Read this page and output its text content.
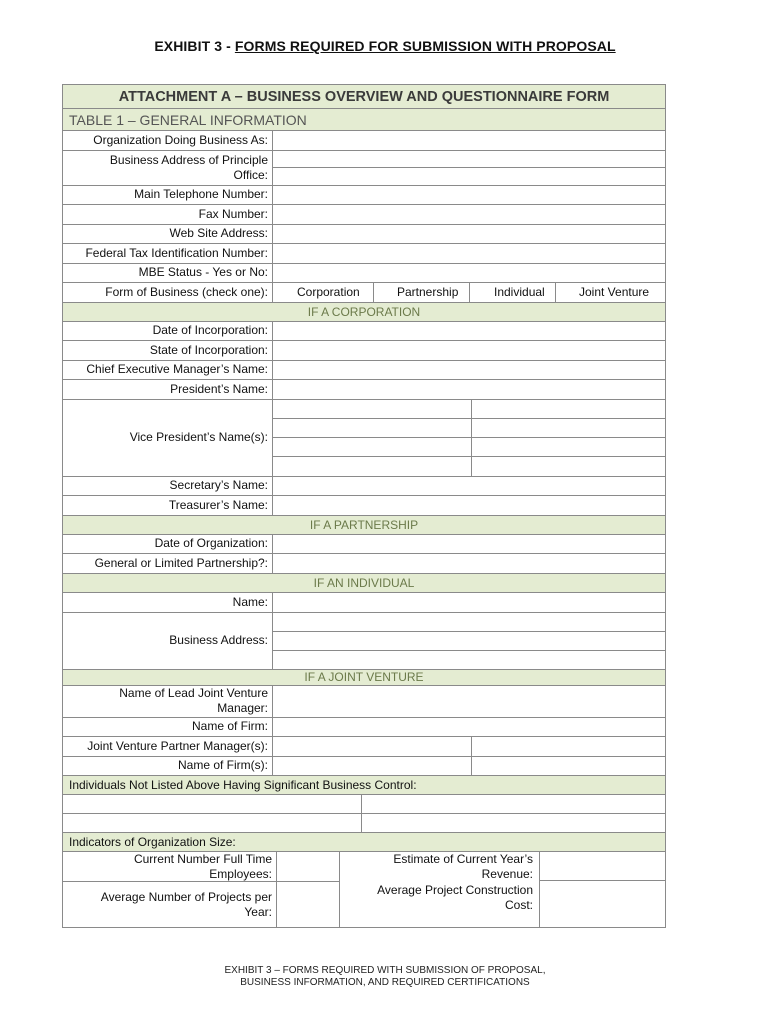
EXHIBIT 3 - FORMS REQUIRED FOR SUBMISSION WITH PROPOSAL
ATTACHMENT A – BUSINESS OVERVIEW AND QUESTIONNAIRE FORM
TABLE 1 – GENERAL INFORMATION
Organization Doing Business As:
Business Address of Principle
Office:
Main Telephone Number:
Fax Number:
Web Site Address:
Federal Tax Identification Number:
MBE Status - Yes or No:
Form of Business (check one): Corporation	Partnership	Individual	Joint Venture
IF A CORPORATION
Date of Incorporation:
State of Incorporation:
Chief Executive Manager’s Name:
President’s Name:
Vice President’s Name(s):
Secretary’s Name:
Treasurer’s Name:
IF A PARTNERSHIP
Date of Organization:
General or Limited Partnership?:
IF AN INDIVIDUAL
Name:
Business Address:
IF A JOINT VENTURE
Name of Lead Joint Venture
Manager:
Name of Firm:
Joint Venture Partner Manager(s):
Name of Firm(s):
Individuals Not Listed Above Having Significant Business Control:
Indicators of Organization Size:
Current Number Full Time
Employees:
Average Number of Projects per
Year:
Estimate of Current Year’s
Revenue:
Average Project Construction
Cost:
EXHIBIT 3 – FORMS REQUIRED WITH SUBMISSION OF PROPOSAL,
BUSINESS INFORMATION, AND REQUIRED CERTIFICATIONS
